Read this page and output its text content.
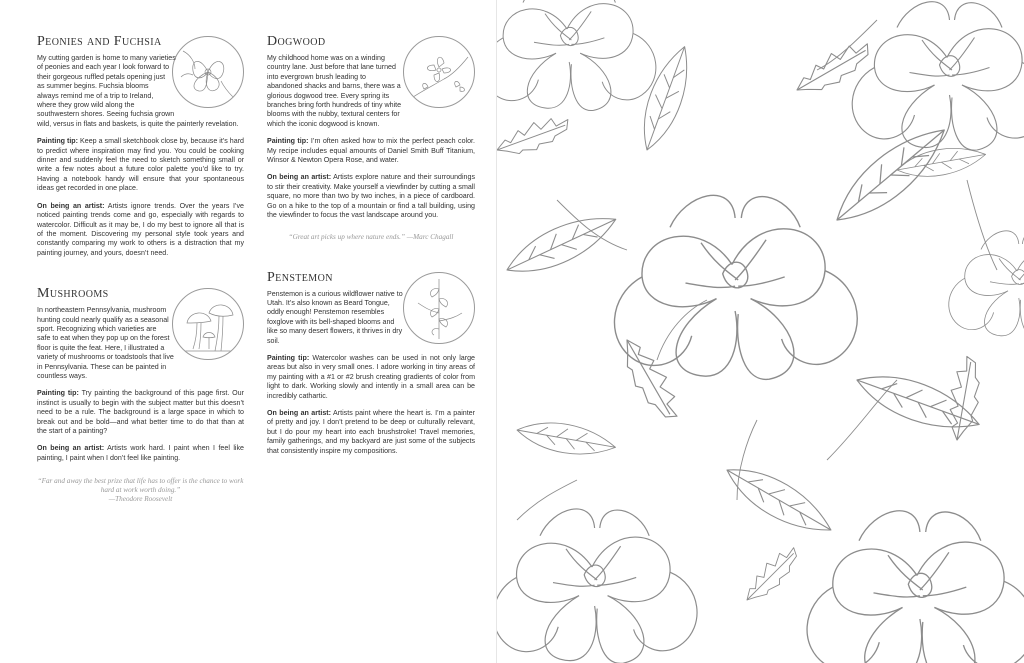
Peonies and Fuchsia

My cutting garden is home to many varieties of peonies and each year I look forward to their gorgeous ruffled petals opening just as summer begins. Fuchsia blooms always remind me of a trip to Ireland, where they grow wild along the southwestern shores. Seeing fuchsia grown wild, versus in flats and baskets, is quite the painterly revelation.

Painting tip: Keep a small sketchbook close by, because it’s hard to predict where inspiration may find you. You could be cooking dinner and suddenly feel the need to sketch something small or write a few notes about a future color palette you’d like to try. Having a notebook handy will ensure that your spontaneous ideas get recorded in one place.

On being an artist: Artists ignore trends. Over the years I’ve noticed painting trends come and go, especially with regards to watercolor. Difficult as it may be, I do my best to ignore all that is of the moment. Discovering my personal style took years and constantly comparing my work to others is a distraction that my painting journey, and yours, doesn’t need.

Mushrooms

In northeastern Pennsylvania, mushroom hunting could nearly qualify as a seasonal sport. Recognizing which varieties are safe to eat when they pop up on the forest floor is quite the feat. Here, I illustrated a variety of mushrooms or toadstools that live in Pennsylvania. These can be painted in countless ways.

Painting tip: Try painting the background of this page first. Our instinct is usually to begin with the subject matter but this doesn’t need to be a rule. The background is a large space in which to break out and be bold—and what better time to do that than at the start of a painting?

On being an artist: Artists work hard. I paint when I feel like painting, I paint when I don’t feel like painting.

“Far and away the best prize that life has to offer is the chance to work hard at work worth doing.”
—Theodore Roosevelt
Dogwood

My childhood home was on a winding country lane. Just before that lane turned into evergrown brush leading to abandoned shacks and barns, there was a glorious dogwood tree. Every spring its branches bring forth hundreds of tiny white blooms with the nubby, textural centers for which the iconic dogwood is known.

Painting tip: I’m often asked how to mix the perfect peach color. My recipe includes equal amounts of Daniel Smith Buff Titanium, Winsor & Newton Opera Rose, and water.

On being an artist: Artists explore nature and their surroundings to stir their creativity. Make yourself a viewfinder by cutting a small square, no more than two by two inches, in a piece of cardboard. Go on a hike to the top of a mountain or find a tall building, using the viewfinder to focus the vast landscape around you.

“Great art picks up where nature ends.” —Marc Chagall
Penstemon

Penstemon is a curious wildflower native to Utah. It’s also known as Beard Tongue, oddly enough! Penstemon resembles foxglove with its bell-shaped blooms and like so many desert flowers, it thrives in dry soil.

Painting tip: Watercolor washes can be used in not only large areas but also in very small ones. I adore working in tiny areas of my painting with a #1 or #2 brush creating gradients of color from light to dark. Working slowly and intently in a small area can be incredibly cathartic.

On being an artist: Artists paint where the heart is. I’m a painter of pretty and joy. I don’t pretend to be deep or culturally relevant, but I do pour my heart into each brushstroke! Travel memories, family gatherings, and my backyard are just some of the subjects that consistently inspire my compositions.
